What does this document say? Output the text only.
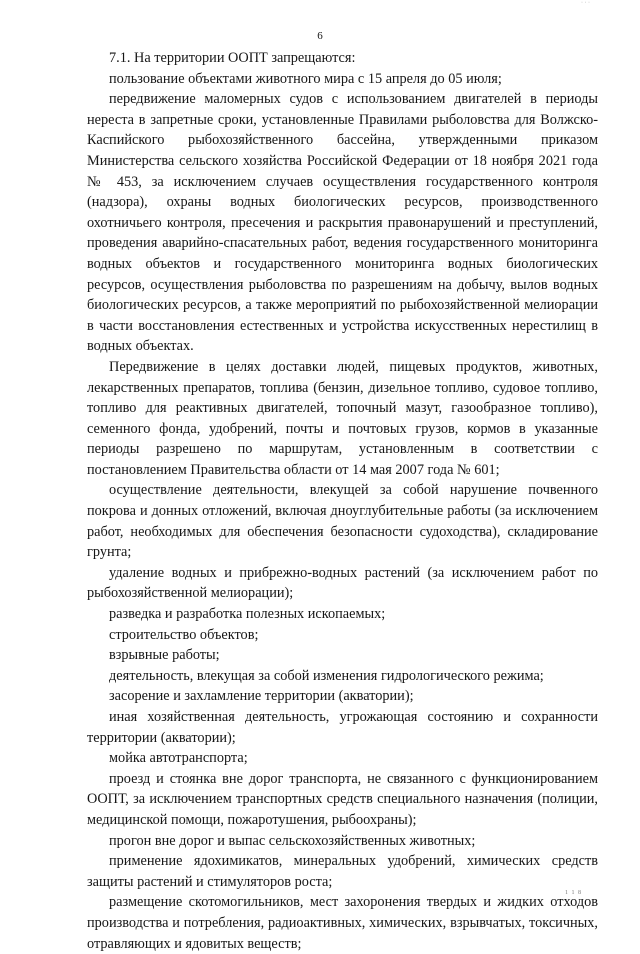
· · ·
6

7.1. На территории ООПТ запрещаются:

пользование объектами животного мира с 15 апреля до 05 июля;

передвижение маломерных судов с использованием двигателей в периоды нереста в запретные сроки, установленные Правилами рыболовства для Волжско-Каспийского рыбохозяйственного бассейна, утвержденными приказом Министерства сельского хозяйства Российской Федерации от 18 ноября 2021 года № 453, за исключением случаев осуществления государственного контроля (надзора), охраны водных биологических ресурсов, производственного охотничьего контроля, пресечения и раскрытия правонарушений и преступлений, проведения аварийно-спасательных работ, ведения государственного мониторинга водных объектов и государственного мониторинга водных биологических ресурсов, осуществления рыболовства по разрешениям на добычу, вылов водных биологических ресурсов, а также мероприятий по рыбохозяйственной мелиорации в части восстановления естественных и устройства искусственных нерестилищ в водных объектах.

Передвижение в целях доставки людей, пищевых продуктов, животных, лекарственных препаратов, топлива (бензин, дизельное топливо, судовое топливо, топливо для реактивных двигателей, топочный мазут, газообразное топливо), семенного фонда, удобрений, почты и почтовых грузов, кормов в указанные периоды разрешено по маршрутам, установленным в соответствии с постановлением Правительства области от 14 мая 2007 года № 601;

осуществление деятельности, влекущей за собой нарушение почвенного покрова и донных отложений, включая дноуглубительные работы (за исключением работ, необходимых для обеспечения безопасности судоходства), складирование грунта;

удаление водных и прибрежно-водных растений (за исключением работ по рыбохозяйственной мелиорации);

разведка и разработка полезных ископаемых;

строительство объектов;

взрывные работы;

деятельность, влекущая за собой изменения гидрологического режима;

засорение и захламление территории (акватории);

иная хозяйственная деятельность, угрожающая состоянию и сохранности территории (акватории);

мойка автотранспорта;

проезд и стоянка вне дорог транспорта, не связанного с функционированием ООПТ, за исключением транспортных средств специального назначения (полиции, медицинской помощи, пожаротушения, рыбоохраны);

прогон вне дорог и выпас сельскохозяйственных животных;

применение ядохимикатов, минеральных удобрений, химических средств защиты растений и стимуляторов роста;

размещение скотомогильников, мест захоронения твердых и жидких отходов производства и потребления, радиоактивных, химических, взрывчатых, токсичных, отравляющих и ядовитых веществ;

1 1 8
